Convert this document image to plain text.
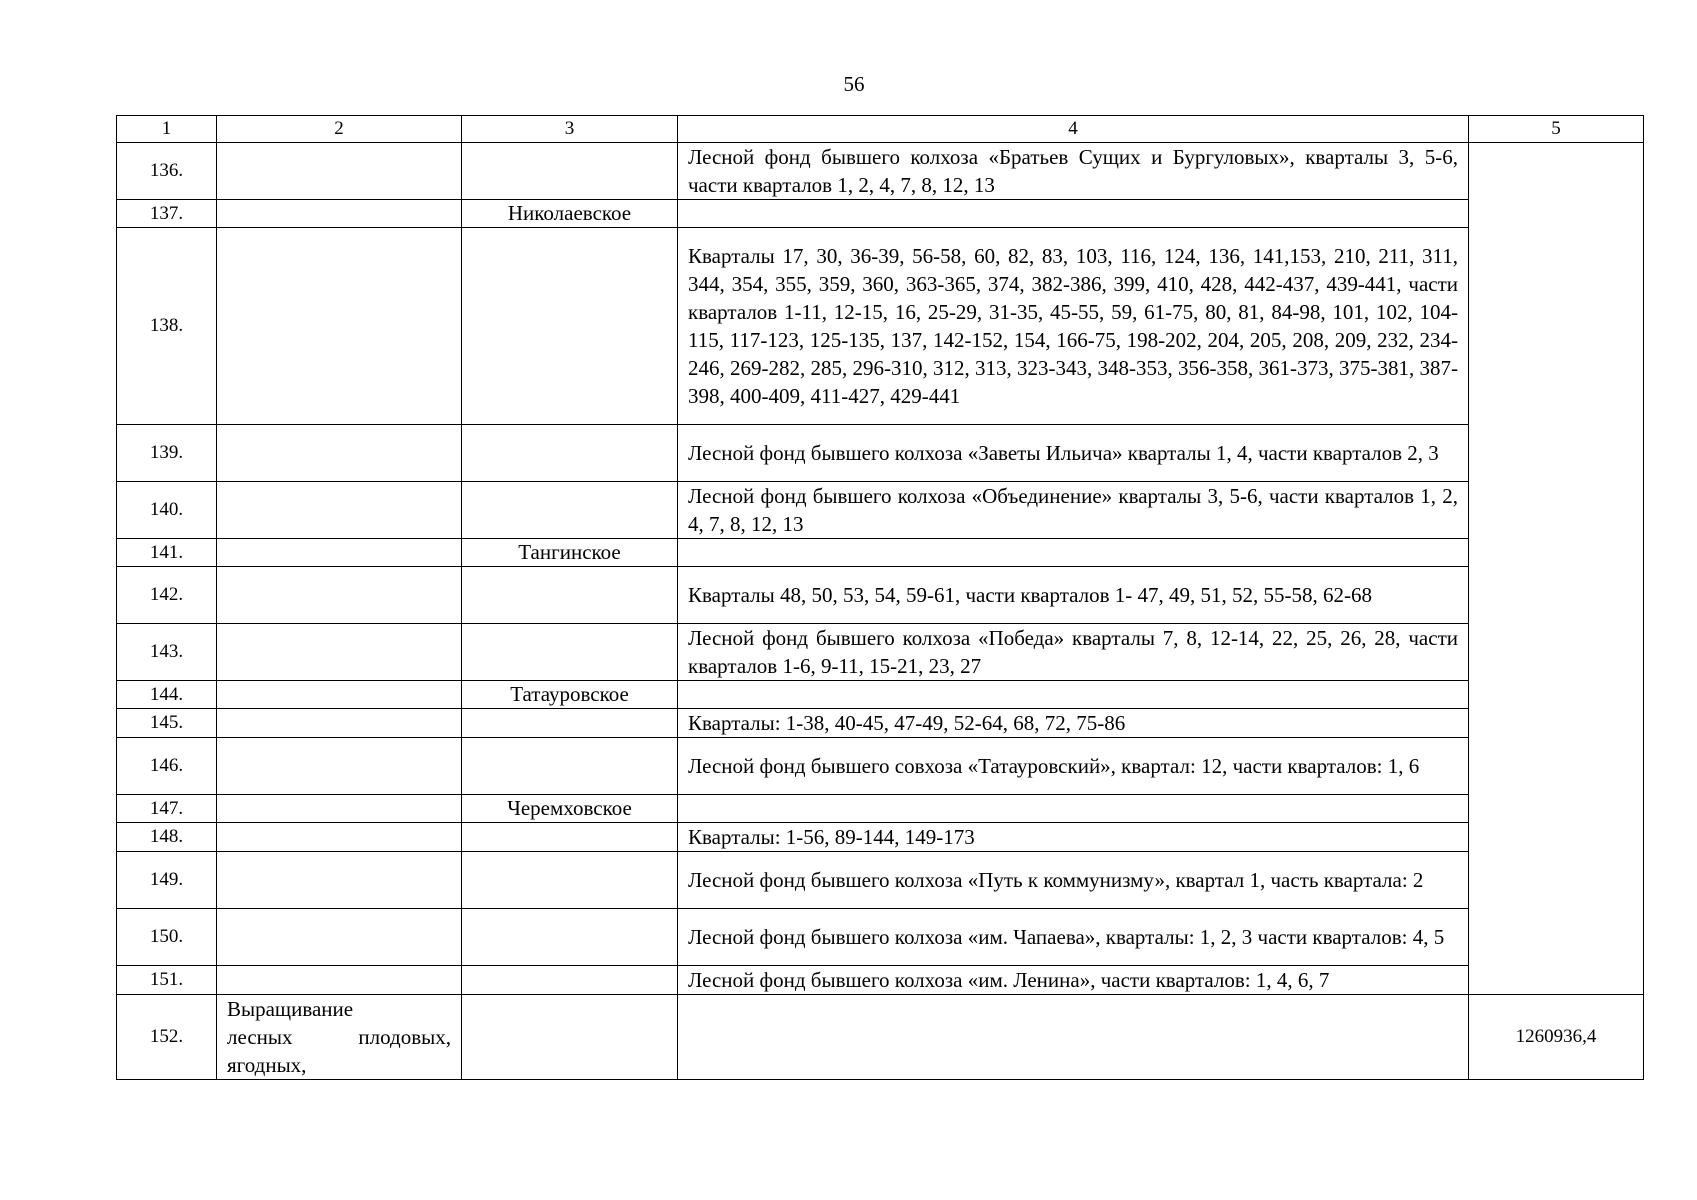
56
1	2	3	4	5
136.			Лесной фонд бывшего колхоза «Братьев Сущих и Бургуловых», кварталы 3, 5-6, части кварталов 1, 2, 4, 7, 8, 12, 13	
137.		Николаевское		
138.			Кварталы 17, 30, 36-39, 56-58, 60, 82, 83, 103, 116, 124, 136, 141,153, 210, 211, 311, 344, 354, 355, 359, 360, 363-365, 374, 382-386, 399, 410, 428, 442-437, 439-441, части кварталов 1-11, 12-15, 16, 25-29, 31-35, 45-55, 59, 61-75, 80, 81, 84-98, 101, 102, 104-115, 117-123, 125-135, 137, 142-152, 154, 166-75, 198-202, 204, 205, 208, 209, 232, 234-246, 269-282, 285, 296-310, 312, 313, 323-343, 348-353, 356-358, 361-373, 375-381, 387-398, 400-409, 411-427, 429-441	
139.			Лесной фонд бывшего колхоза «Заветы Ильича» кварталы 1, 4, части кварталов 2, 3	
140.			Лесной фонд бывшего колхоза «Объединение» кварталы 3, 5-6, части кварталов 1, 2, 4, 7, 8, 12, 13	
141.		Тангинское		
142.			Кварталы 48, 50, 53, 54, 59-61, части кварталов 1- 47, 49, 51, 52, 55-58, 62-68	
143.			Лесной фонд бывшего колхоза «Победа» кварталы 7, 8, 12-14, 22, 25, 26, 28, части кварталов 1-6, 9-11, 15-21, 23, 27	
144.		Татауровское		
145.			Кварталы: 1-38, 40-45, 47-49, 52-64, 68, 72, 75-86	
146.			Лесной фонд бывшего совхоза «Татауровский», квартал: 12, части кварталов: 1, 6	
147.		Черемховское		
148.			Кварталы: 1-56, 89-144, 149-173	
149.			Лесной фонд бывшего колхоза «Путь к коммунизму», квартал 1, часть квартала: 2	
150.			Лесной фонд бывшего колхоза «им. Чапаева», кварталы: 1, 2, 3 части кварталов: 4, 5	
151.			Лесной фонд бывшего колхоза «им. Ленина», части кварталов: 1, 4, 6, 7	
152.	Выращивание
лесных плодовых,
ягодных,			1260936,4
